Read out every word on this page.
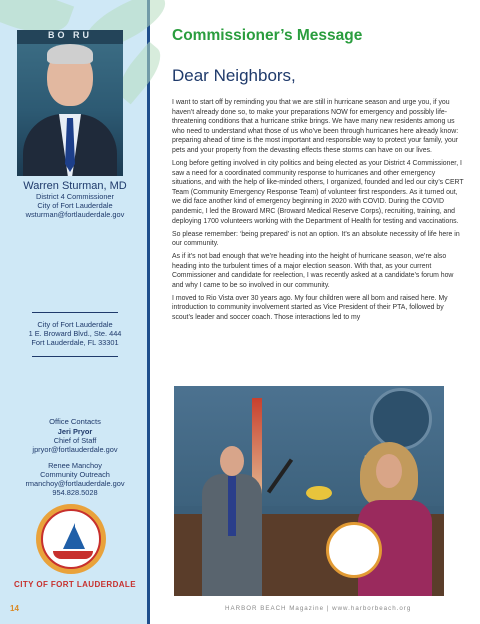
BO RU
Warren Sturman, MD
District 4 Commissioner
City of Fort Lauderdale
wsturman@fortlauderdale.gov
City of Fort Lauderdale
1 E. Broward Blvd., Ste. 444
Fort Lauderdale, FL 33301
Office Contacts
Jeri Pryor
Chief of Staff
jpryor@fortlauderdale.gov
Renee Manchoy
Community Outreach
rmanchoy@fortlauderdale.gov
954.828.5028
CITY OF FORT LAUDERDALE
Commissioner’s Message
Dear Neighbors,

I want to start off by reminding you that we are still in hurricane season and urge you, if you haven’t already done so, to make your preparations NOW for emergency and possibly life-threatening conditions that a hurricane strike brings. We have many new residents among us who need to understand what those of us who’ve been through hurricanes here already know: preparing ahead of time is the most important and responsible way to protect your family, your pets and your property from the devasting effects these storms can have on our lives.

Long before getting involved in city politics and being elected as your District 4 Commissioner, I saw a need for a coordinated community response to hurricanes and other emergency situations, and with the help of like-minded others, I organized, founded and led our city’s CERT Team (Community Emergency Response Team) of volunteer first responders. As it turned out, we did face another kind of emergency beginning in 2020 with COVID. During the COVID pandemic, I led the Broward MRC (Broward Medical Reserve Corps), recruiting, training, and deploying 1700 volunteers working with the Department of Health for testing and vaccinations.

So please remember: ‘being prepared’ is not an option. It’s an absolute necessity of life here in our community.

As if it’s not bad enough that we’re heading into the height of hurricane season, we’re also heading into the turbulent times of a major election season. With that, as your current Commissioner and candidate for reelection, I was recently asked at a candidate’s forum how and why I came to be so involved in our community.

I moved to Rio Vista over 30 years ago. My four children were all born and raised here. My introduction to community involvement started as Vice President of their PTA, followed by scout’s leader and soccer coach. Those interactions led to my

14	HARBOR BEACH Magazine | www.harborbeach.org
